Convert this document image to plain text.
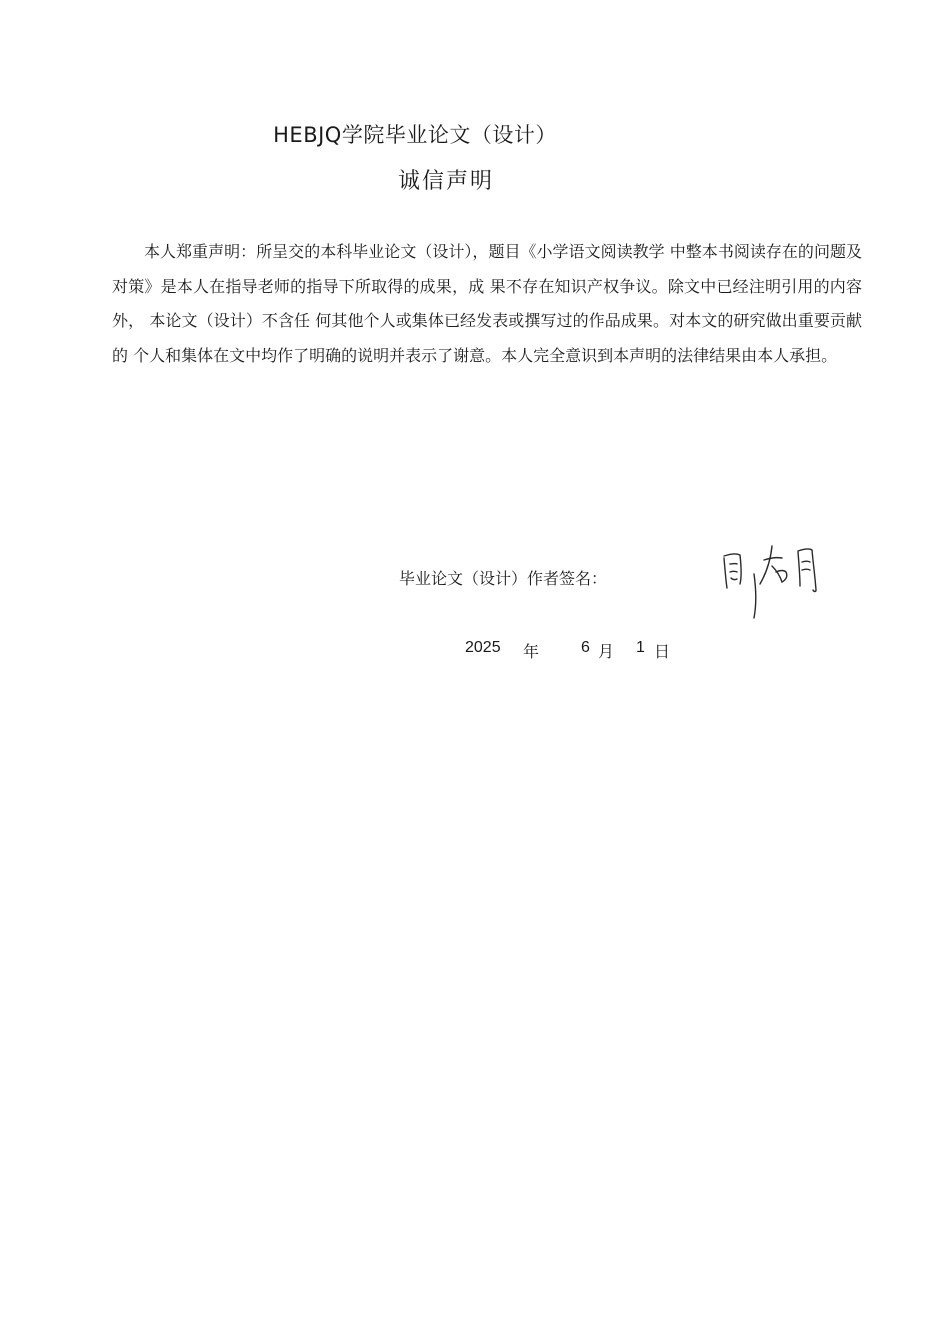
HEBJQ学院毕业论文（设计）
诚信声明

本人郑重声明：所呈交的本科毕业论文（设计），题目《小学语文阅读教学 中整本书阅读存在的问题及对策》是本人在指导老师的指导下所取得的成果，成 果不存在知识产权争议。除文中已经注明引用的内容外， 本论文（设计）不含任 何其他个人或集体已经发表或撰写过的作品成果。对本文的研究做出重要贡献的 个人和集体在文中均作了明确的说明并表示了谢意。本人完全意识到本声明的法律结果由本人承担。

毕业论文（设计）作者签名：
2025 年	6 月 1 日
